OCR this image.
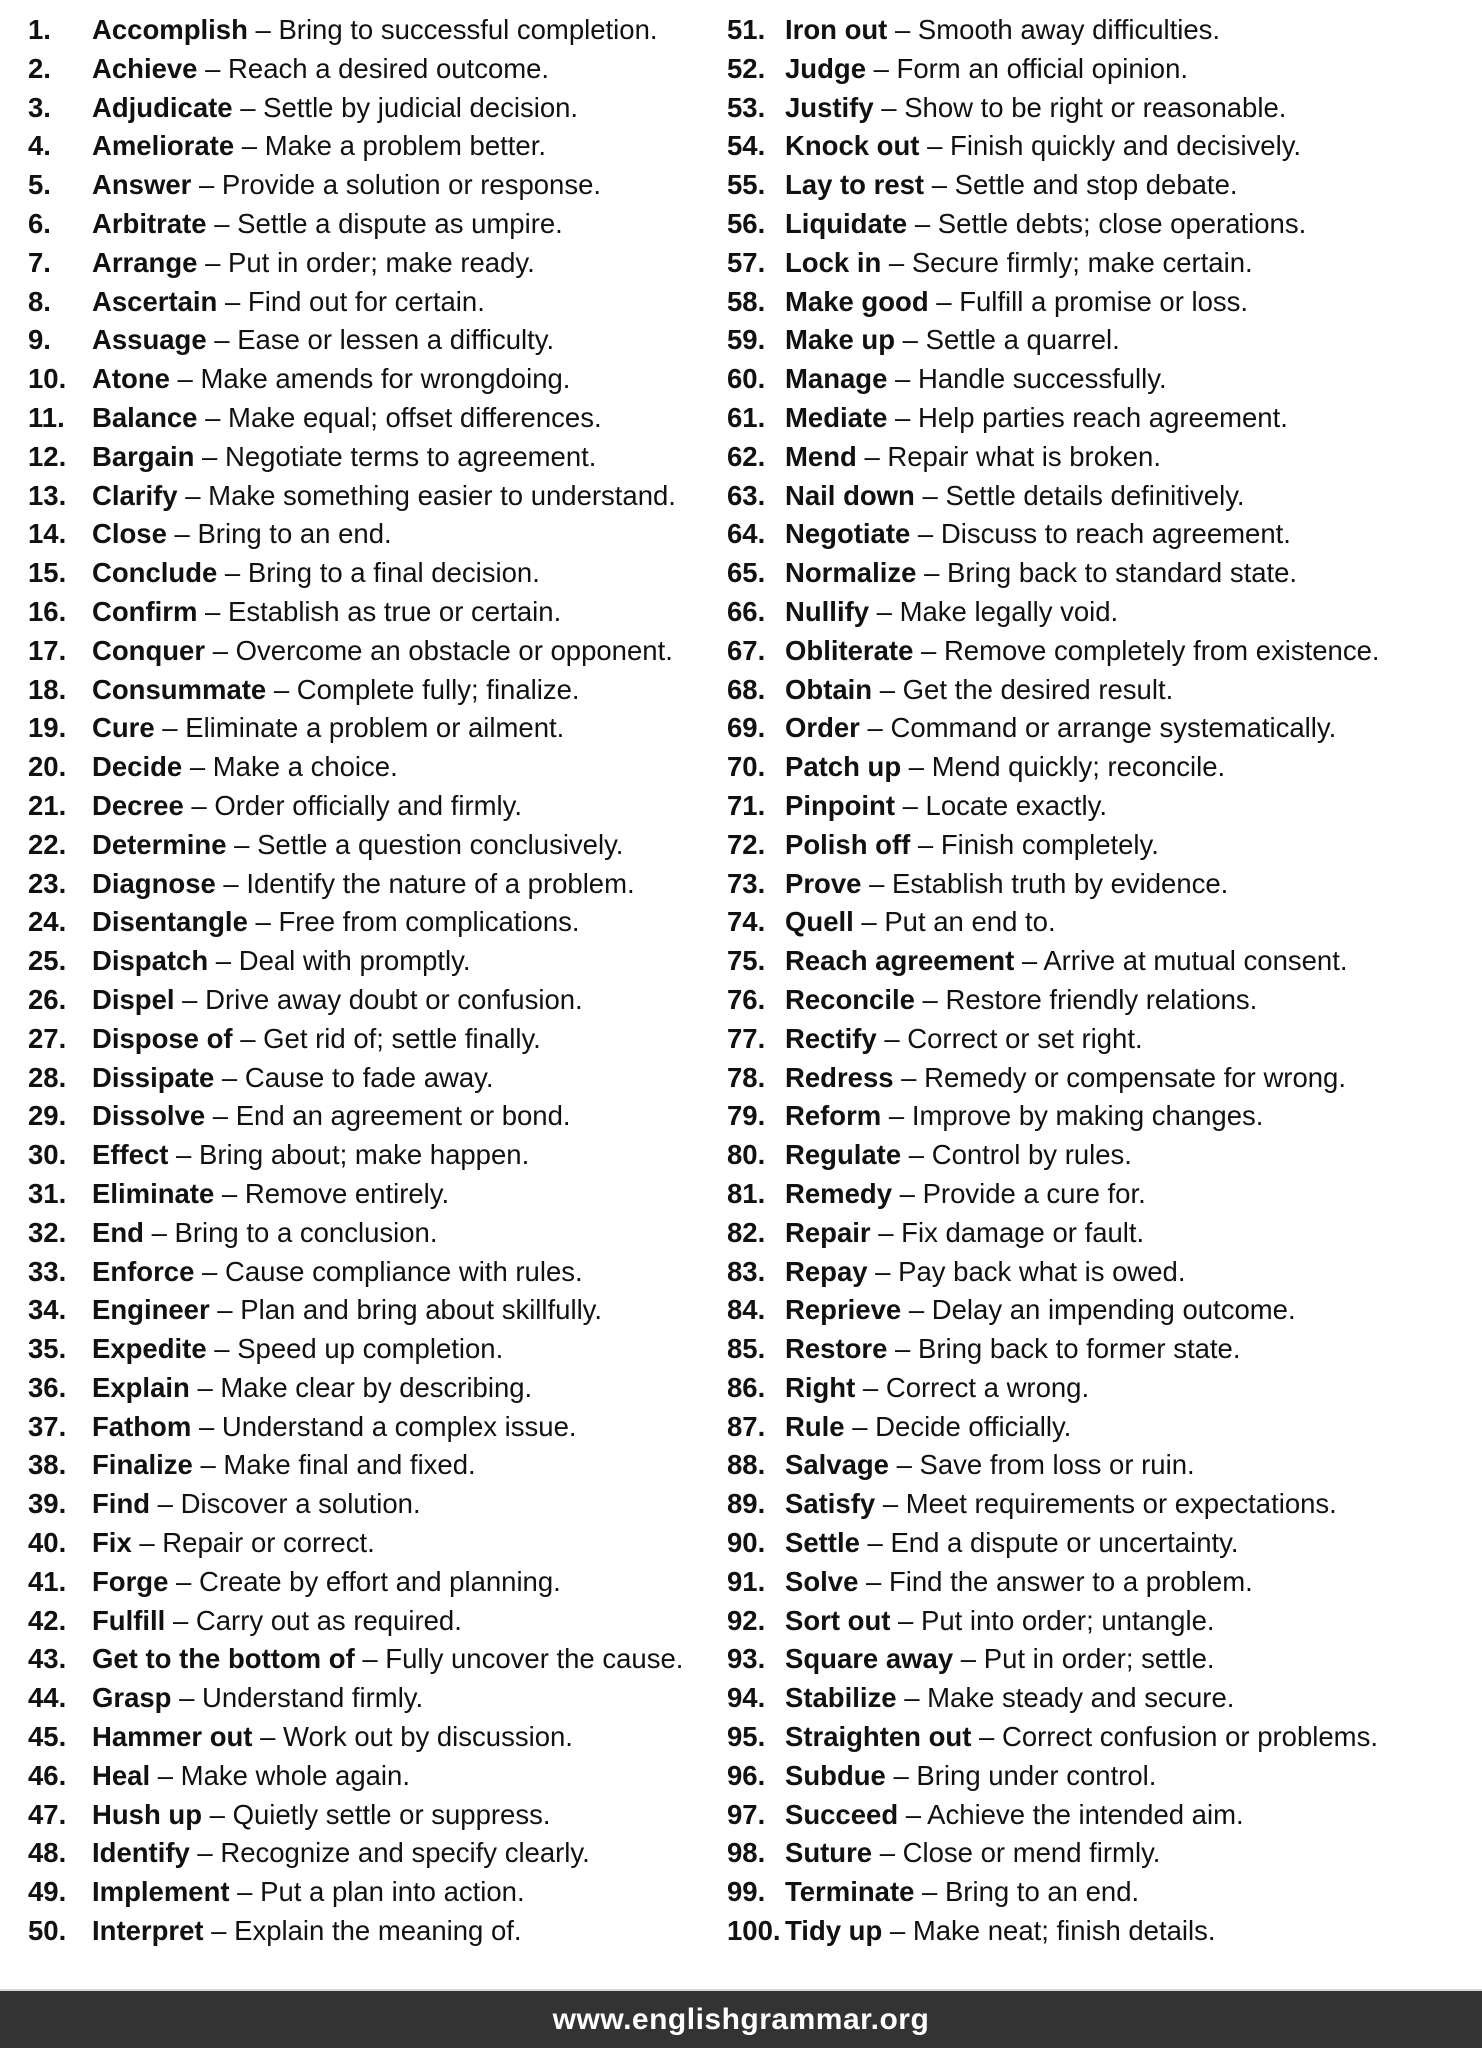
1.	Accomplish – Bring to successful completion.
2.	Achieve – Reach a desired outcome.
3.	Adjudicate – Settle by judicial decision.
4.	Ameliorate – Make a problem better.
5.	Answer – Provide a solution or response.
6.	Arbitrate – Settle a dispute as umpire.
7.	Arrange – Put in order; make ready.
8.	Ascertain – Find out for certain.
9.	Assuage – Ease or lessen a difficulty.
10. Atone – Make amends for wrongdoing.
11. Balance – Make equal; offset differences.
12. Bargain – Negotiate terms to agreement.
13. Clarify – Make something easier to understand.
14. Close – Bring to an end.
15. Conclude – Bring to a final decision.
16. Confirm – Establish as true or certain.
17. Conquer – Overcome an obstacle or opponent.
18. Consummate – Complete fully; finalize.
19. Cure – Eliminate a problem or ailment.
20. Decide – Make a choice.
21. Decree – Order officially and firmly.
22. Determine – Settle a question conclusively.
23. Diagnose – Identify the nature of a problem.
24. Disentangle – Free from complications.
25. Dispatch – Deal with promptly.
26. Dispel – Drive away doubt or confusion.
27. Dispose of – Get rid of; settle finally.
28. Dissipate – Cause to fade away.
29. Dissolve – End an agreement or bond.
30. Effect – Bring about; make happen.
31. Eliminate – Remove entirely.
32. End – Bring to a conclusion.
33. Enforce – Cause compliance with rules.
34. Engineer – Plan and bring about skillfully.
35. Expedite – Speed up completion.
36. Explain – Make clear by describing.
37. Fathom – Understand a complex issue.
38. Finalize – Make final and fixed.
39. Find – Discover a solution.
40. Fix – Repair or correct.
41. Forge – Create by effort and planning.
42. Fulfill – Carry out as required.
43. Get to the bottom of – Fully uncover the cause.
44. Grasp – Understand firmly.
45. Hammer out – Work out by discussion.
46. Heal – Make whole again.
47. Hush up – Quietly settle or suppress.
48. Identify – Recognize and specify clearly.
49. Implement – Put a plan into action.
50. Interpret – Explain the meaning of.
51. Iron out – Smooth away difficulties.
52. Judge – Form an official opinion.
53. Justify – Show to be right or reasonable.
54. Knock out – Finish quickly and decisively.
55. Lay to rest – Settle and stop debate.
56. Liquidate – Settle debts; close operations.
57. Lock in – Secure firmly; make certain.
58. Make good – Fulfill a promise or loss.
59. Make up – Settle a quarrel.
60. Manage – Handle successfully.
61. Mediate – Help parties reach agreement.
62. Mend – Repair what is broken.
63. Nail down – Settle details definitively.
64. Negotiate – Discuss to reach agreement.
65. Normalize – Bring back to standard state.
66. Nullify – Make legally void.
67. Obliterate – Remove completely from existence.
68. Obtain – Get the desired result.
69. Order – Command or arrange systematically.
70. Patch up – Mend quickly; reconcile.
71. Pinpoint – Locate exactly.
72. Polish off – Finish completely.
73. Prove – Establish truth by evidence.
74. Quell – Put an end to.
75. Reach agreement – Arrive at mutual consent.
76. Reconcile – Restore friendly relations.
77. Rectify – Correct or set right.
78. Redress – Remedy or compensate for wrong.
79. Reform – Improve by making changes.
80. Regulate – Control by rules.
81. Remedy – Provide a cure for.
82. Repair – Fix damage or fault.
83. Repay – Pay back what is owed.
84. Reprieve – Delay an impending outcome.
85. Restore – Bring back to former state.
86. Right – Correct a wrong.
87. Rule – Decide officially.
88. Salvage – Save from loss or ruin.
89. Satisfy – Meet requirements or expectations.
90. Settle – End a dispute or uncertainty.
91. Solve – Find the answer to a problem.
92. Sort out – Put into order; untangle.
93. Square away – Put in order; settle.
94. Stabilize – Make steady and secure.
95. Straighten out – Correct confusion or problems.
96. Subdue – Bring under control.
97. Succeed – Achieve the intended aim.
98. Suture – Close or mend firmly.
99. Terminate – Bring to an end.
100. Tidy up – Make neat; finish details.
www.englishgrammar.org
